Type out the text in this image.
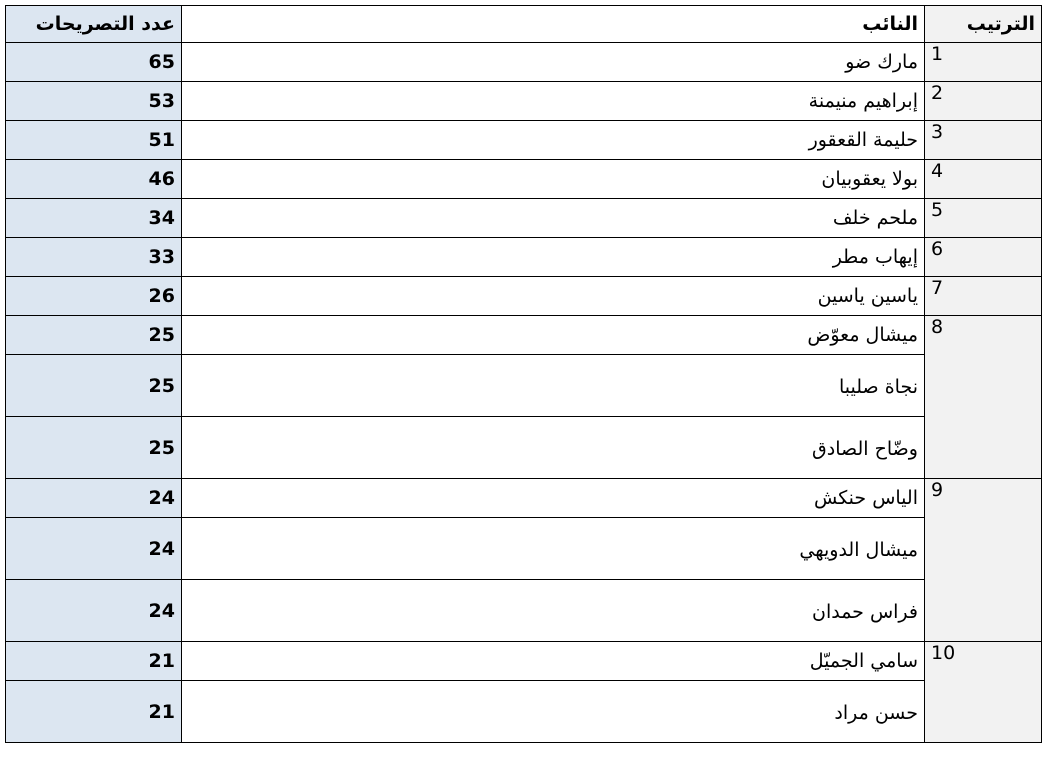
الترتيب	النائب	عدد التصريحات
1	مارك ضو	65
2	إبراهيم منيمنة	53
3	حليمة القعقور	51
4	بولا يعقوبيان	46
5	ملحم خلف	34
6	إيهاب مطر	33
7	ياسين ياسين	26
8	ميشال معوّض	25
	نجاة صليبا	25
	وضّاح الصادق	25
9	الياس حنكش	24
	ميشال الدويهي	24
	فراس حمدان	24
10	سامي الجميّل	21
	حسن مراد	21
